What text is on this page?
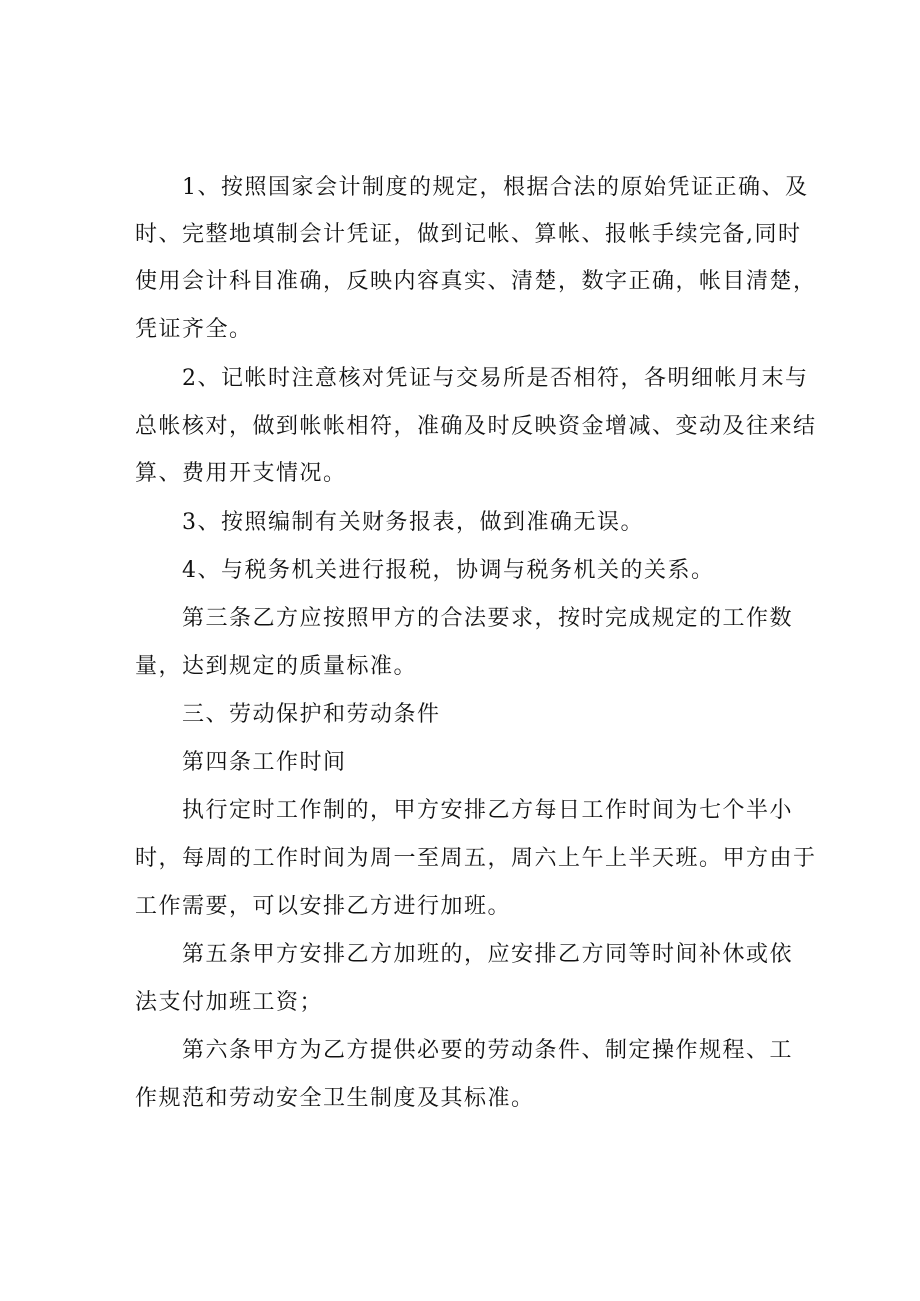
1、按照国家会计制度的规定，根据合法的原始凭证正确、及
时、完整地填制会计凭证，做到记帐、算帐、报帐手续完备,同时
使用会计科目准确，反映内容真实、清楚，数字正确，帐目清楚，
凭证齐全。
2、记帐时注意核对凭证与交易所是否相符，各明细帐月末与
总帐核对，做到帐帐相符，准确及时反映资金增减、变动及往来结
算、费用开支情况。
3、按照编制有关财务报表，做到准确无误。
4、与税务机关进行报税，协调与税务机关的关系。
第三条乙方应按照甲方的合法要求，按时完成规定的工作数
量，达到规定的质量标准。
三、劳动保护和劳动条件
第四条工作时间
执行定时工作制的，甲方安排乙方每日工作时间为七个半小
时，每周的工作时间为周一至周五，周六上午上半天班。甲方由于
工作需要，可以安排乙方进行加班。
第五条甲方安排乙方加班的，应安排乙方同等时间补休或依
法支付加班工资；
第六条甲方为乙方提供必要的劳动条件、制定操作规程、工
作规范和劳动安全卫生制度及其标准。
